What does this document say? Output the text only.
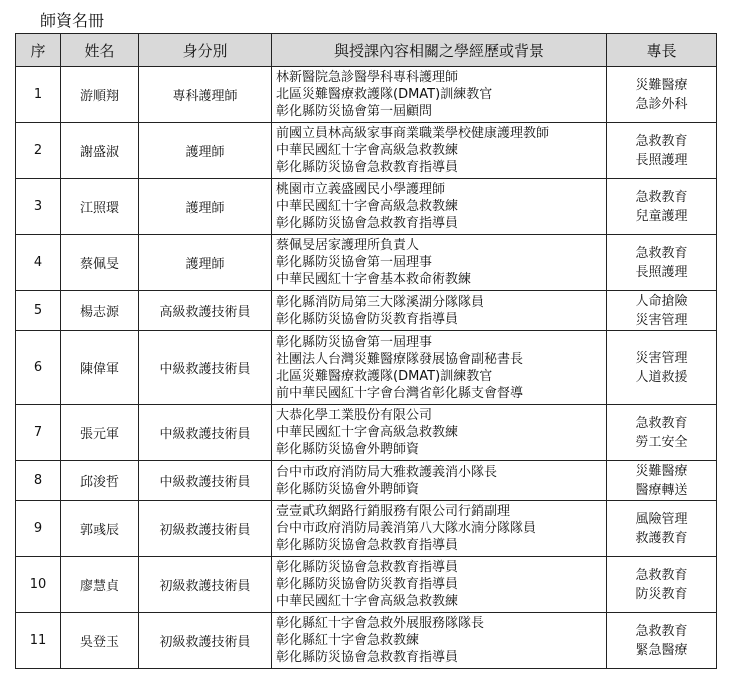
師資名冊
序	姓名	身分別	與授課內容相關之學經歷或背景	專長
1	游順翔	專科護理師	林新醫院急診醫學科專科護理師
北區災難醫療救護隊(DMAT)訓練教官
彰化縣防災協會第一屆顧問	災難醫療
急診外科

2	謝盛淑	護理師	前國立員林高級家事商業職業學校健康護理教師
中華民國紅十字會高級急救教練
彰化縣防災協會急救教育指導員	急救教育
長照護理

3	江照環	護理師	桃園市立義盛國民小學護理師
中華民國紅十字會高級急救教練
彰化縣防災協會急救教育指導員	急救教育
兒童護理

4	蔡佩旻	護理師	蔡佩旻居家護理所負責人
彰化縣防災協會第一屆理事
中華民國紅十字會基本救命術教練	急救教育
長照護理

5	楊志源	高級救護技術員	彰化縣消防局第三大隊溪湖分隊隊員
彰化縣防災協會防災教育指導員	人命搶險
災害管理

6	陳偉軍	中級救護技術員	彰化縣防災協會第一屆理事
社團法人台灣災難醫療隊發展協會副秘書長
北區災難醫療救護隊(DMAT)訓練教官
前中華民國紅十字會台灣省彰化縣支會督導	災害管理
人道救援

7	張元軍	中級救護技術員	大恭化學工業股份有限公司
中華民國紅十字會高級急救教練
彰化縣防災協會外聘師資	急救教育
勞工安全

8	邱浚哲	中級救護技術員	台中市政府消防局大雅救護義消小隊長
彰化縣防災協會外聘師資	災難醫療
醫療轉送

9	郭彧辰	初級救護技術員	壹壹貳玖網路行銷服務有限公司行銷副理
台中市政府消防局義消第八大隊水湳分隊隊員
彰化縣防災協會急救教育指導員	風險管理
救護教育

10	廖慧貞	初級救護技術員	彰化縣防災協會急救教育指導員
彰化縣防災協會防災教育指導員
中華民國紅十字會高級急救教練	急救教育
防災教育

11	吳登玉	初級救護技術員	彰化縣紅十字會急救外展服務隊隊長
彰化縣紅十字會急救教練
彰化縣防災協會急救教育指導員	急救教育
緊急醫療
